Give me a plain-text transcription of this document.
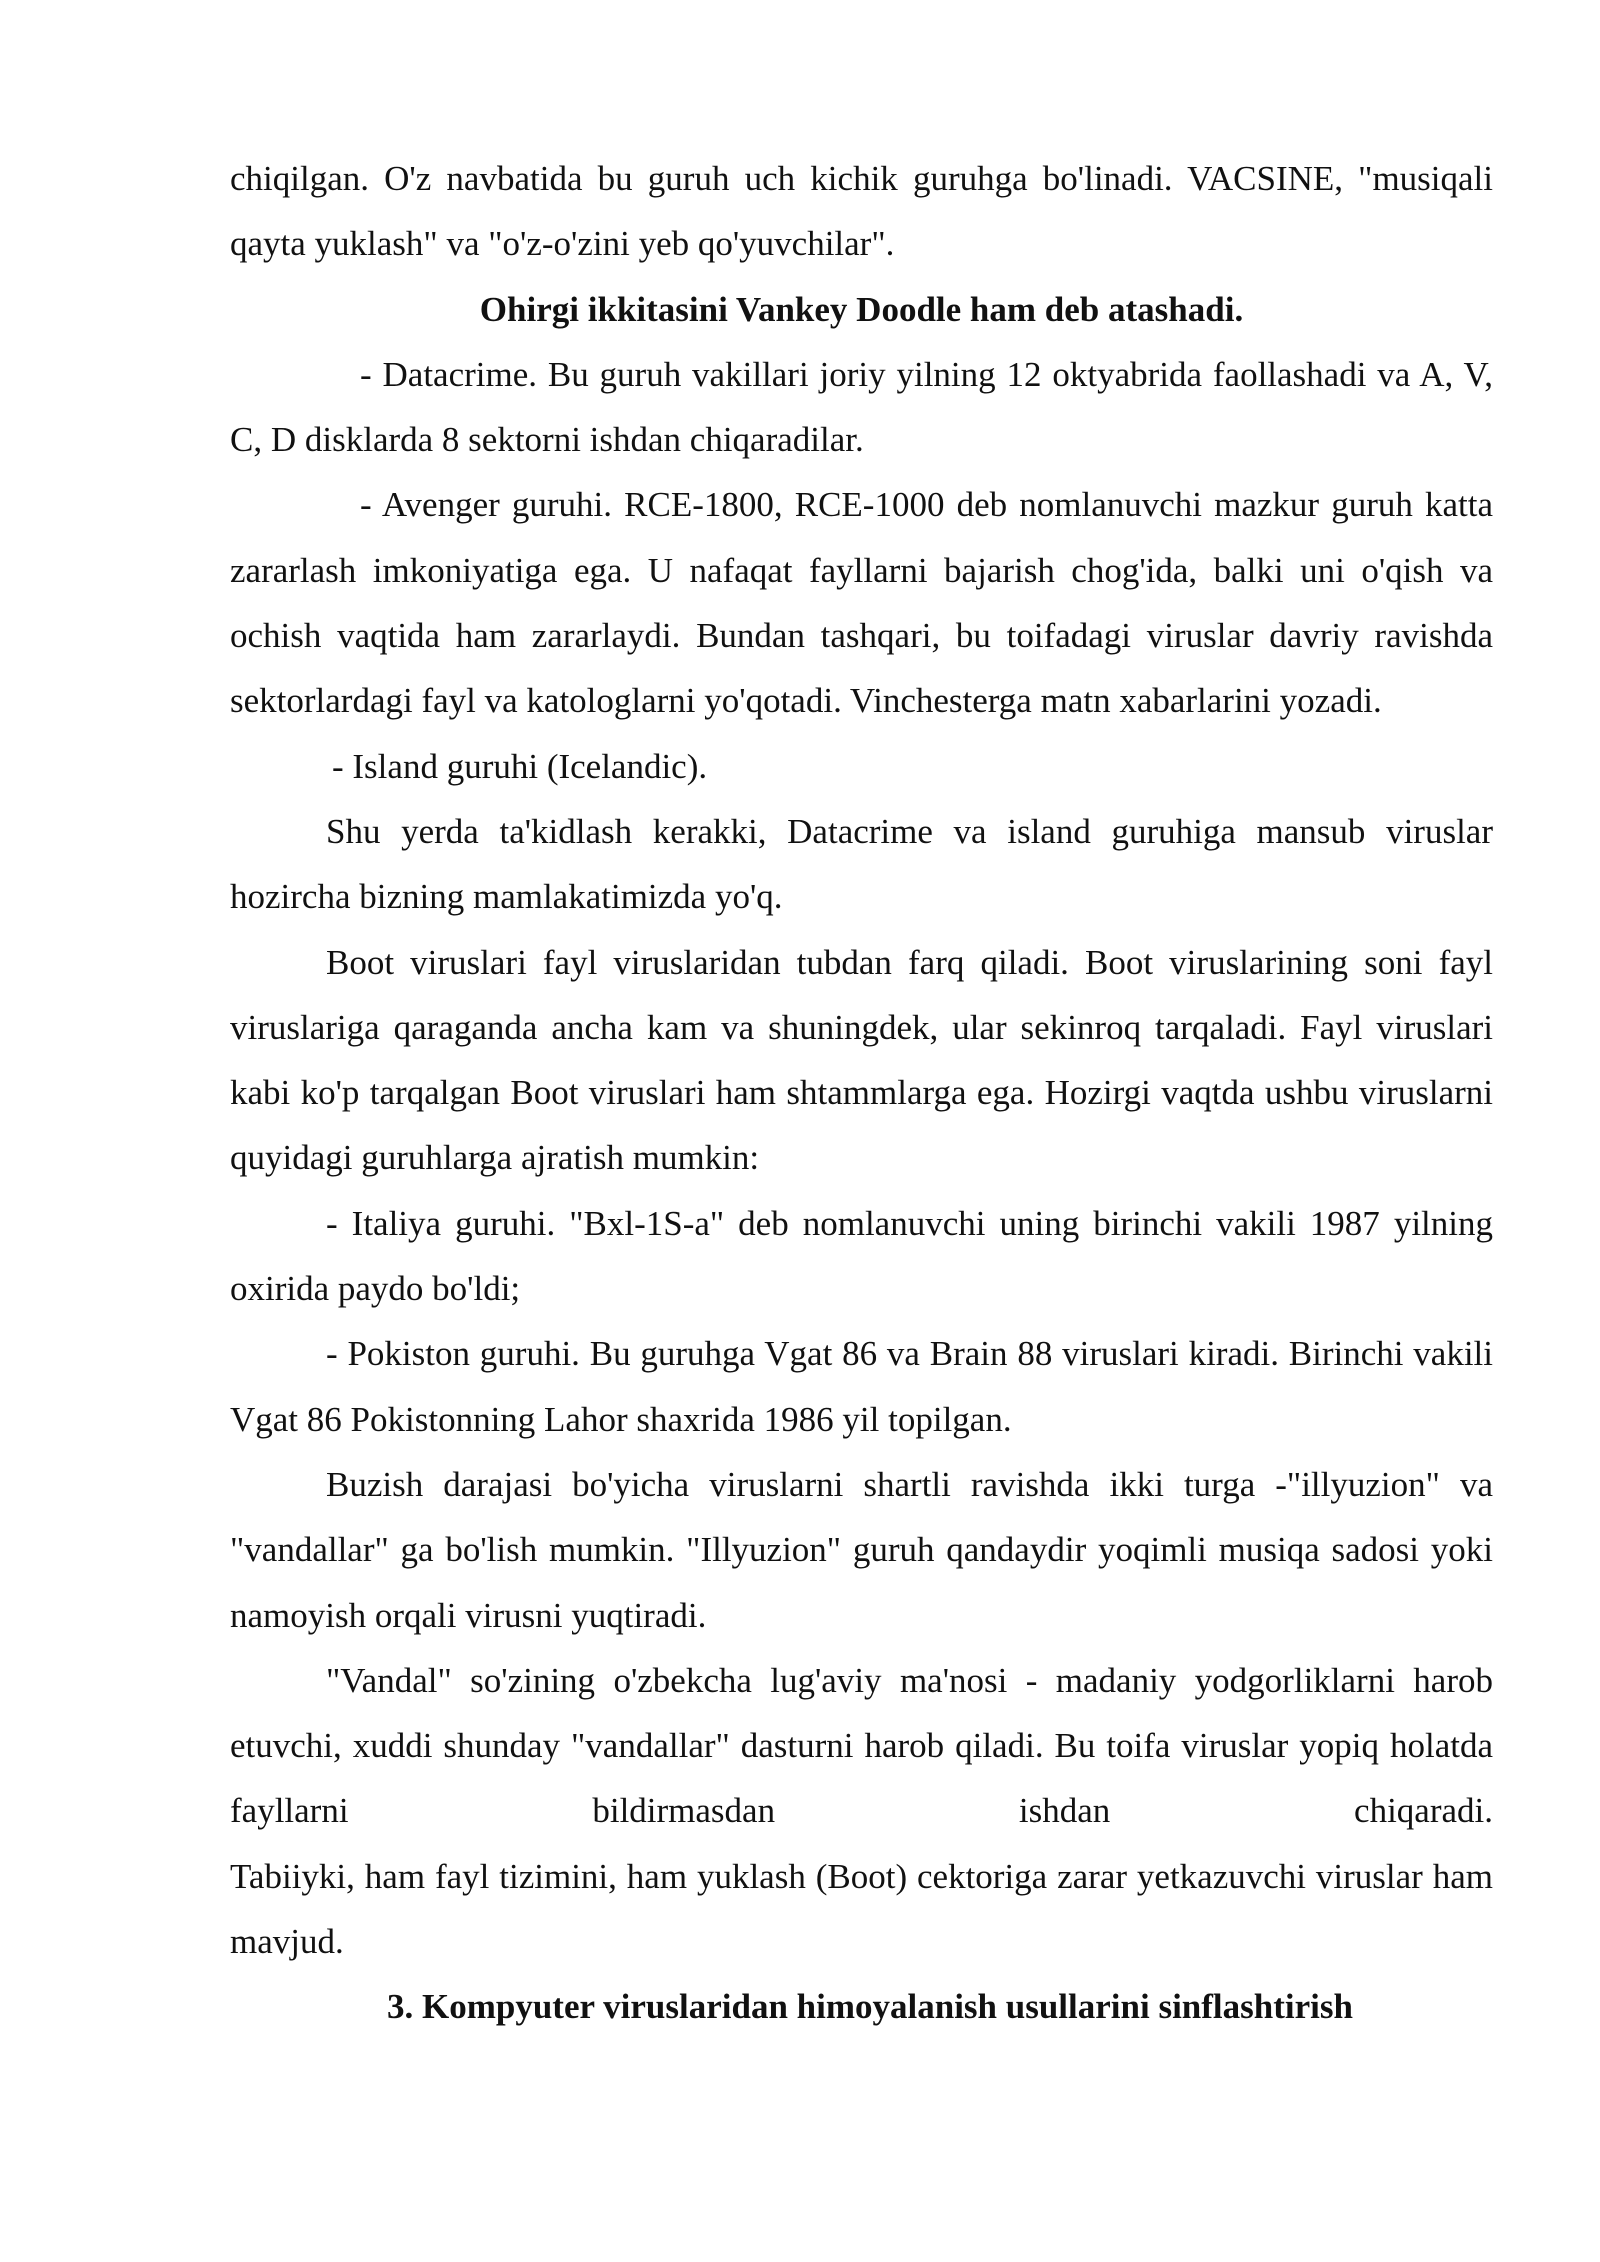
chiqilgan. O'z navbatida bu guruh uch kichik guruhga bo'linadi. VACSINE, "musiqali qayta yuklash" va "o'z-o'zini yeb qo'yuvchilar".

Ohirgi ikkitasini Vankey Doodle ham deb atashadi.

- Datacrime. Bu guruh vakillari joriy yilning 12 oktyabrida faollashadi va A, V, C, D disklarda 8 sektorni ishdan chiqaradilar.

- Avenger guruhi. RCE-1800, RCE-1000 deb nomlanuvchi mazkur guruh katta zararlash imkoniyatiga ega. U nafaqat fayllarni bajarish chog'ida, balki uni o'qish va ochish vaqtida ham zararlaydi. Bundan tashqari, bu toifadagi viruslar davriy ravishda sektorlardagi fayl va katologlarni yo'qotadi. Vinchesterga matn xabarlarini yozadi.

- Island guruhi (Icelandic).

Shu yerda ta'kidlash kerakki, Datacrime va island guruhiga mansub viruslar hozircha bizning mamlakatimizda yo'q.

Boot viruslari fayl viruslaridan tubdan farq qiladi. Boot viruslarining soni fayl viruslariga qaraganda ancha kam va shuningdek, ular sekinroq tarqaladi. Fayl viruslari kabi ko'p tarqalgan Boot viruslari ham shtammlarga ega. Hozirgi vaqtda ushbu viruslarni quyidagi guruhlarga ajratish mumkin:

- Italiya guruhi. "Bxl-1S-a" deb nomlanuvchi uning birinchi vakili 1987 yilning oxirida paydo bo'ldi;

- Pokiston guruhi. Bu guruhga Vgat 86 va Brain 88 viruslari kiradi. Birinchi vakili Vgat 86 Pokistonning Lahor shaxrida 1986 yil topilgan.

Buzish darajasi bo'yicha viruslarni shartli ravishda ikki turga -"illyuzion" va "vandallar" ga bo'lish mumkin. "Illyuzion" guruh qandaydir yoqimli musiqa sadosi yoki namoyish orqali virusni yuqtiradi.

"Vandal" so'zining o'zbekcha lug'aviy ma'nosi - madaniy yodgorliklarni harob etuvchi, xuddi shunday "vandallar" dasturni harob qiladi. Bu toifa viruslar yopiq holatda fayllarni bildirmasdan ishdan chiqaradi.

Tabiiyki, ham fayl tizimini, ham yuklash (Boot) cektoriga zarar yetkazuvchi viruslar ham mavjud.

3. Kompyuter viruslaridan himoyalanish usullarini sinflashtirish
